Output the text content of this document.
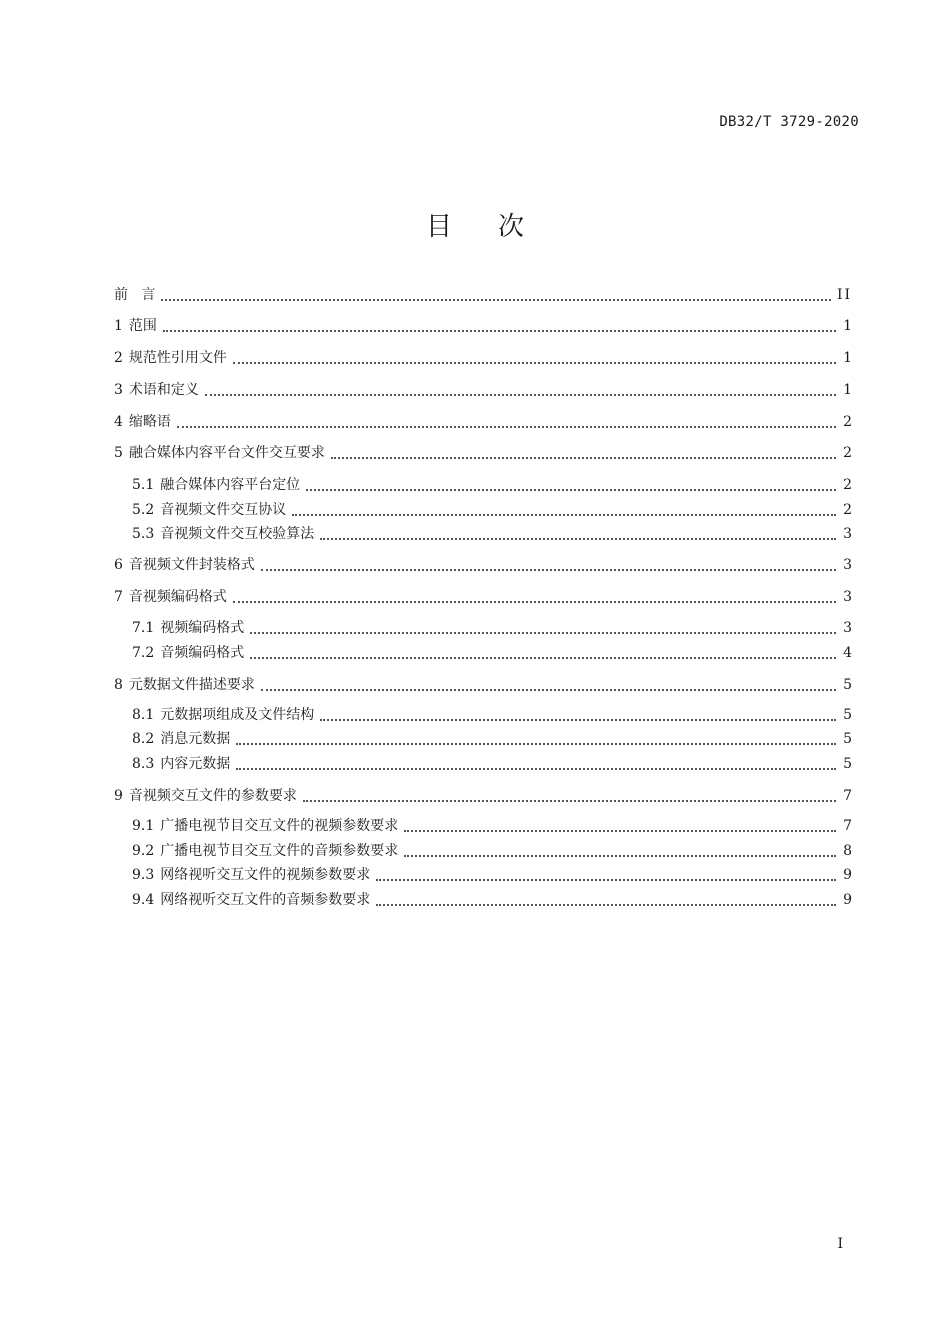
DB32/T 3729-2020
目次
前   言	II
1 范围	1
2 规范性引用文件	1
3 术语和定义	1
4 缩略语	2
5 融合媒体内容平台文件交互要求	2
5.1 融合媒体内容平台定位	2
5.2 音视频文件交互协议	2
5.3 音视频文件交互校验算法	3
6 音视频文件封装格式	3
7 音视频编码格式	3
7.1 视频编码格式	3
7.2 音频编码格式	4
8 元数据文件描述要求	5
8.1 元数据项组成及文件结构	5
8.2 消息元数据	5
8.3 内容元数据	5
9 音视频交互文件的参数要求	7
9.1 广播电视节目交互文件的视频参数要求	7
9.2 广播电视节目交互文件的音频参数要求	8
9.3 网络视听交互文件的视频参数要求	9
9.4 网络视听交互文件的音频参数要求	9
I
